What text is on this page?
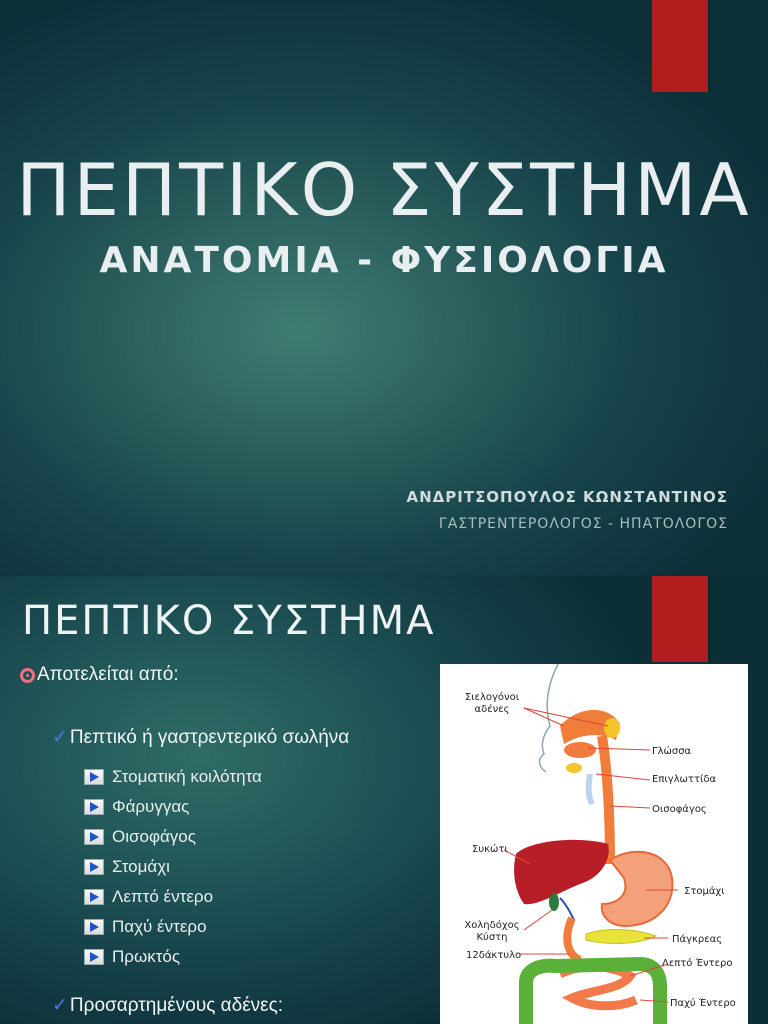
ΠΕΠΤΙΚΟ ΣΥΣΤΗΜΑ
ΑΝΑΤΟΜΙΑ - ΦΥΣΙΟΛΟΓΙΑ
ΑΝΔΡΙΤΣΟΠΟΥΛΟΣ ΚΩΝΣΤΑΝΤΙΝΟΣ
ΓΑΣΤΡΕΝΤΕΡΟΛΟΓΟΣ - ΗΠΑΤΟΛΟΓΟΣ
ΠΕΠΤΙΚΟ ΣΥΣΤΗΜΑ
Αποτελείται από:
✓ Πεπτικό ή γαστρεντερικό σωλήνα
Στοματική κοιλότητα
Φάρυγγας
Οισοφάγος
Στομάχι
Λεπτό έντερο
Παχύ έντερο
Πρωκτός
✓ Προσαρτημένους αδένες:
Σιελογόνοι
αδένες
Γλώσσα
Επιγλωττίδα
Οισοφάγος
Συκώτι
Στομάχι
Χοληδόχος
Κύστη	Πάγκρεας
12δάκτυλο
Λεπτό Έντερο
Παχύ Έντερο
